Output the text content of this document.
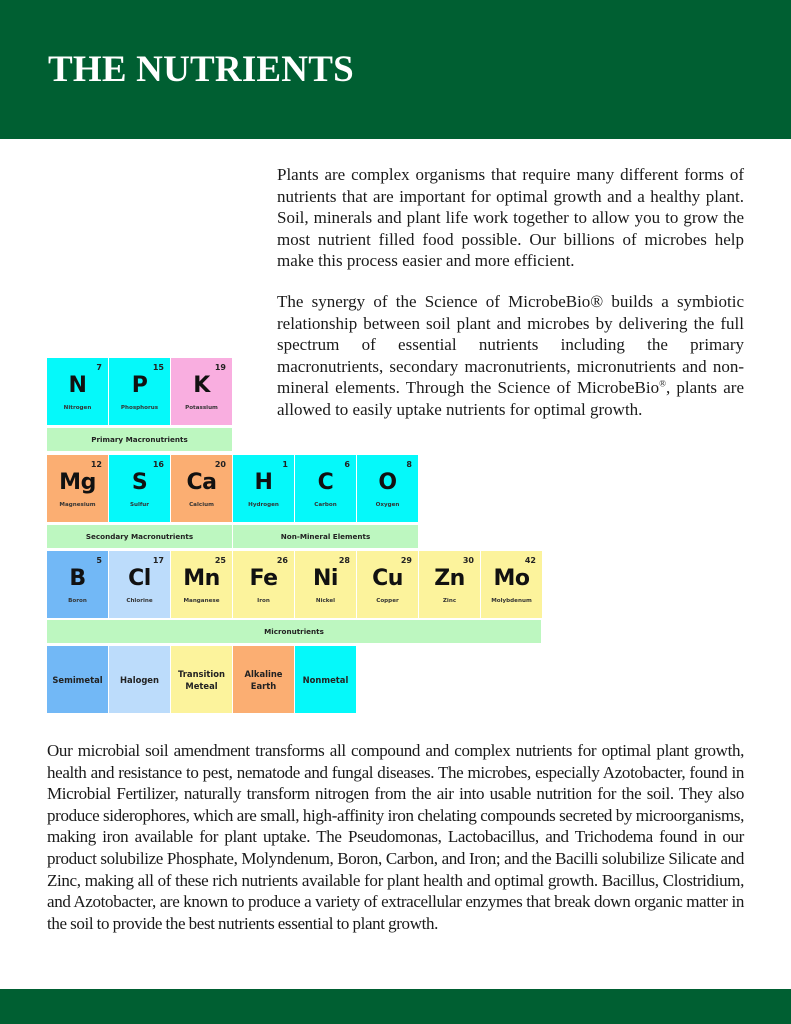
THE NUTRIENTS

Plants are complex organisms that require many different forms of nutrients that are important for optimal growth and a healthy plant. Soil, minerals and plant life work together to allow you to grow the most nutrient filled food possible. Our billions of microbes help make this process easier and more efficient.

The synergy of the Science of MicrobeBio® builds a symbiotic relationship between soil plant and microbes by delivering the full spectrum of essential nutrients including the primary macronutrients, secondary macronutrients, micronutrients and non-mineral elements. Through the Science of MicrobeBio®, plants are allowed to easily uptake nutrients for optimal growth.

7
N
Nitrogen
15
P
Phosphorus
19
K
Potassium
Primary Macronutrients
12
Mg
Magnesium
16
S
Sulfur
20
Ca
Calcium
1
H
Hydrogen
6
C
Carbon
8
O
Oxygen
Secondary Macronutrients	Non-Mineral Elements
5
B
Boron
17
Cl
Chlorine
25
Mn
Manganese
26
Fe
Iron
28
Ni
Nickel
29
Cu
Copper
30
Zn
Zinc
42
Mo
Molybdenum
Micronutrients
Semimetal	Halogen
Transition Meteal
Alkaline Earth
Nonmetal

Our microbial soil amendment transforms all compound and complex nutrients for optimal plant growth, health and resistance to pest, nematode and fungal diseases. The microbes, especially Azotobacter, found in Microbial Fertilizer, naturally transform nitrogen from the air into usable nutrition for the soil. They also produce siderophores, which are small, high-affinity iron chelating compounds secreted by microorganisms, making iron available for plant uptake. The Pseudomonas, Lactobacillus, and Trichodema found in our product solubilize Phosphate, Molyndenum, Boron, Carbon, and Iron; and the Bacilli solubilize Silicate and Zinc, making all of these rich nutrients available for plant health and optimal growth. Bacillus, Clostridium, and Azotobacter, are known to produce a variety of extracellular enzymes that break down organic matter in the soil to provide the best nutrients essential to plant growth.
